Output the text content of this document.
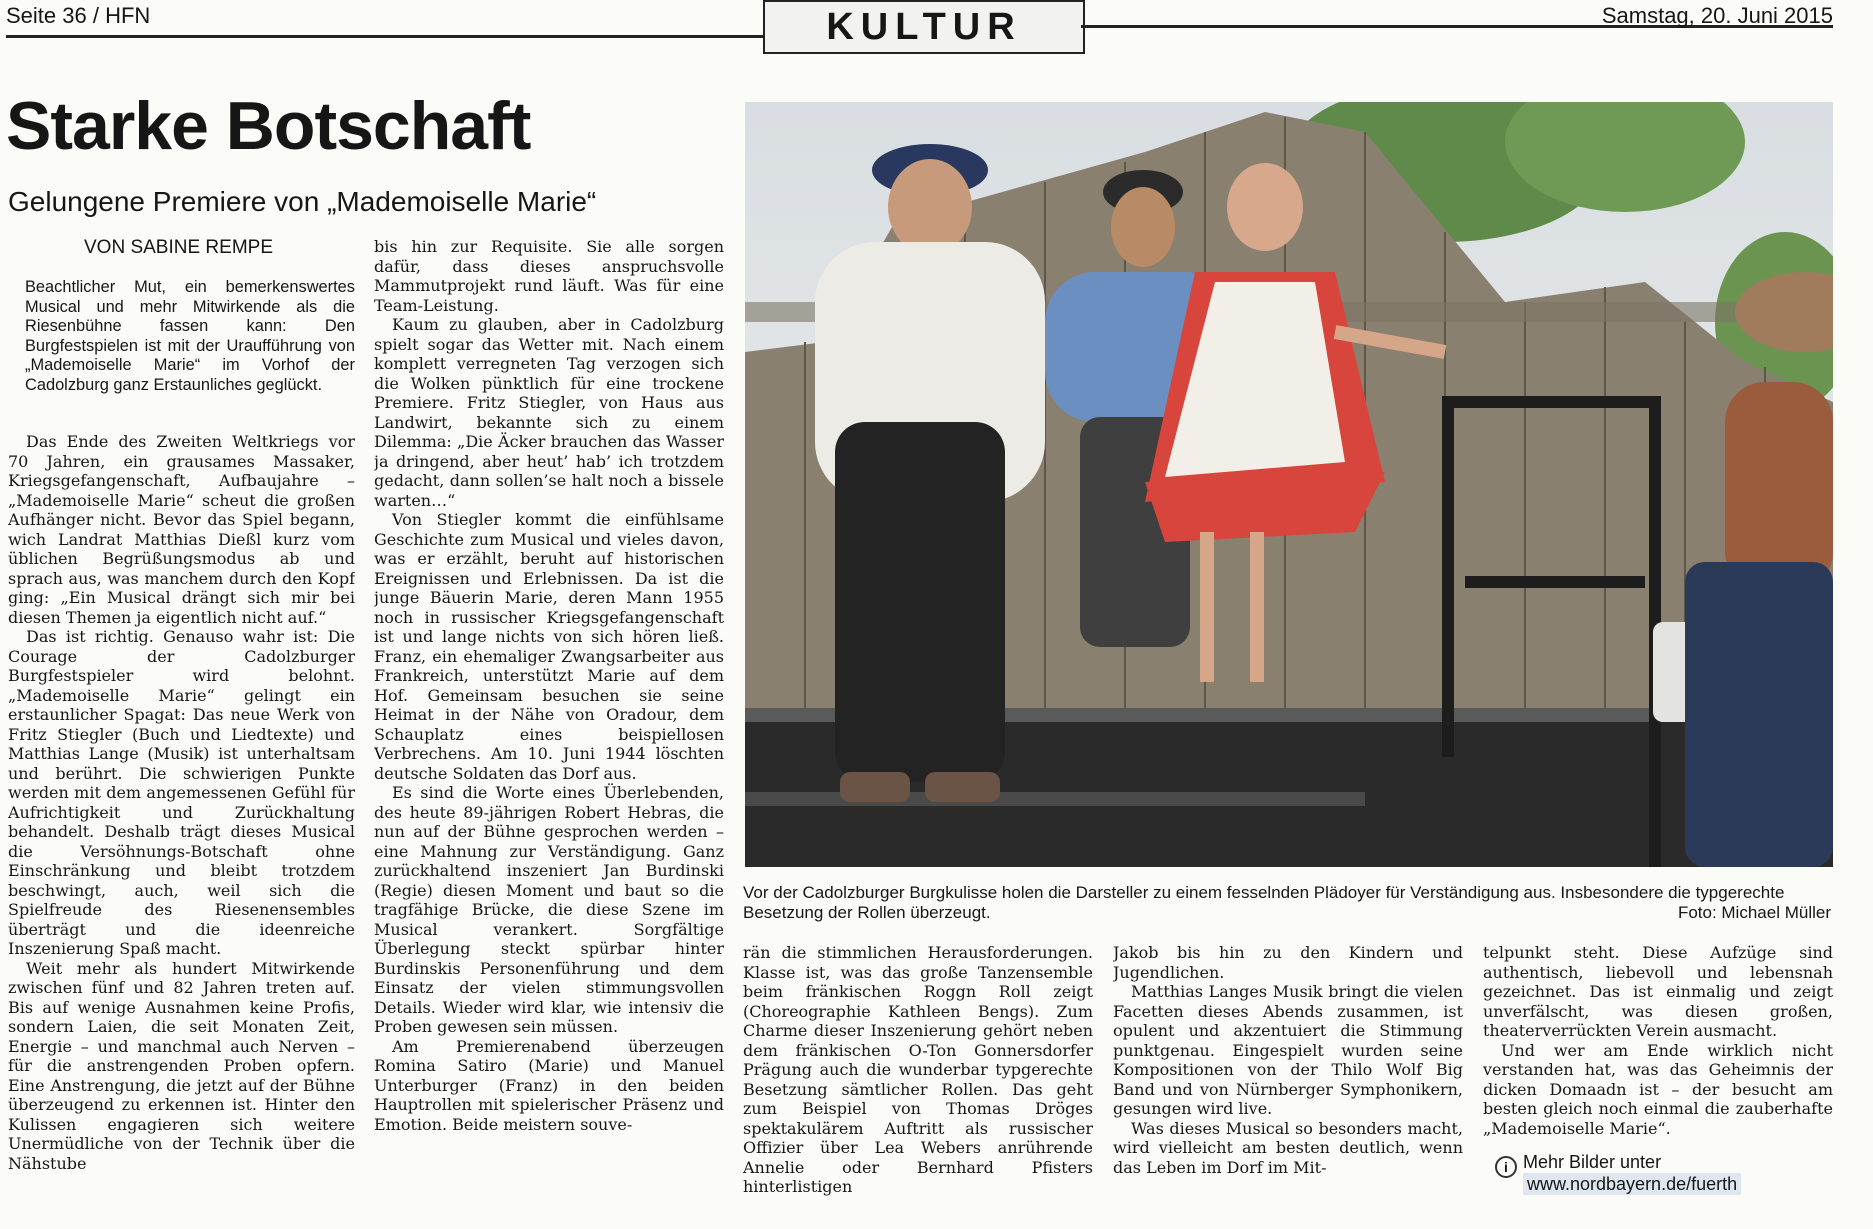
Seite 36 / HFN	KULTUR	Samstag, 20. Juni 2015
Starke Botschaft
Gelungene Premiere von „Mademoiselle Marie“
VON SABINE REMPE
Beachtlicher Mut, ein bemerkenswertes Musical und mehr Mitwirkende als die Riesenbühne fassen kann: Den Burgfestspielen ist mit der Uraufführung von „Mademoiselle Marie“ im Vorhof der Cadolzburg ganz Erstaunliches geglückt.

Das Ende des Zweiten Weltkriegs vor 70 Jahren, ein grausames Massaker, Kriegsgefangenschaft, Aufbaujahre – „Mademoiselle Marie“ scheut die großen Aufhänger nicht. Bevor das Spiel begann, wich Landrat Matthias Dießl kurz vom üblichen Begrüßungsmodus ab und sprach aus, was manchem durch den Kopf ging: „Ein Musical drängt sich mir bei diesen Themen ja eigentlich nicht auf.“

Das ist richtig. Genauso wahr ist: Die Courage der Cadolzburger Burgfestspieler wird belohnt. „Mademoiselle Marie“ gelingt ein erstaunlicher Spagat: Das neue Werk von Fritz Stiegler (Buch und Liedtexte) und Matthias Lange (Musik) ist unterhaltsam und berührt. Die schwierigen Punkte werden mit dem angemessenen Gefühl für Aufrichtigkeit und Zurückhaltung behandelt. Deshalb trägt dieses Musical die Versöhnungs-Botschaft ohne Einschränkung und bleibt trotzdem beschwingt, auch, weil sich die Spielfreude des Riesenensembles überträgt und die ideenreiche Inszenierung Spaß macht.

Weit mehr als hundert Mitwirkende zwischen fünf und 82 Jahren treten auf. Bis auf wenige Ausnahmen keine Profis, sondern Laien, die seit Monaten Zeit, Energie – und manchmal auch Nerven – für die anstrengenden Proben opfern. Eine Anstrengung, die jetzt auf der Bühne überzeugend zu erkennen ist. Hinter den Kulissen engagieren sich weitere Unermüdliche von der Technik über die Nähstube

bis hin zur Requisite. Sie alle sorgen dafür, dass dieses anspruchsvolle Mammutprojekt rund läuft. Was für eine Team-Leistung.

Kaum zu glauben, aber in Cadolzburg spielt sogar das Wetter mit. Nach einem komplett verregneten Tag verzogen sich die Wolken pünktlich für eine trockene Premiere. Fritz Stiegler, von Haus aus Landwirt, bekannte sich zu einem Dilemma: „Die Äcker brauchen das Wasser ja dringend, aber heut’ hab’ ich trotzdem gedacht, dann sollen’se halt noch a bissele warten…“

Von Stiegler kommt die einfühlsame Geschichte zum Musical und vieles davon, was er erzählt, beruht auf historischen Ereignissen und Erlebnissen. Da ist die junge Bäuerin Marie, deren Mann 1955 noch in russischer Kriegsgefangenschaft ist und lange nichts von sich hören ließ. Franz, ein ehemaliger Zwangsarbeiter aus Frankreich, unterstützt Marie auf dem Hof. Gemeinsam besuchen sie seine Heimat in der Nähe von Oradour, dem Schauplatz eines beispiellosen Verbrechens. Am 10. Juni 1944 löschten deutsche Soldaten das Dorf aus.

Es sind die Worte eines Überlebenden, des heute 89-jährigen Robert Hebras, die nun auf der Bühne gesprochen werden – eine Mahnung zur Verständigung. Ganz zurückhaltend inszeniert Jan Burdinski (Regie) diesen Moment und baut so die tragfähige Brücke, die diese Szene im Musical verankert. Sorgfältige Überlegung steckt spürbar hinter Burdinskis Personenführung und dem Einsatz der vielen stimmungsvollen Details. Wieder wird klar, wie intensiv die Proben gewesen sein müssen.

Am Premierenabend überzeugen Romina Satiro (Marie) und Manuel Unterburger (Franz) in den beiden Hauptrollen mit spielerischer Präsenz und Emotion. Beide meistern souve-

Vor der Cadolzburger Burgkulisse holen die Darsteller zu einem fesselnden Plädoyer für Verständigung aus. Insbesondere die typgerechte Besetzung der Rollen überzeugt.	Foto: Michael Müller

rän die stimmlichen Herausforderungen. Klasse ist, was das große Tanzensemble beim fränkischen Roggn Roll zeigt (Choreographie Kathleen Bengs). Zum Charme dieser Inszenierung gehört neben dem fränkischen O-Ton Gonnersdorfer Prägung auch die wunderbar typgerechte Besetzung sämtlicher Rollen. Das geht zum Beispiel von Thomas Dröges spektakulärem Auftritt als russischer Offizier über Lea Webers anrührende Annelie oder Bernhard Pfisters hinterlistigen

Jakob bis hin zu den Kindern und Jugendlichen.

Matthias Langes Musik bringt die vielen Facetten dieses Abends zusammen, ist opulent und akzentuiert die Stimmung punktgenau. Eingespielt wurden seine Kompositionen von der Thilo Wolf Big Band und von Nürnberger Symphonikern, gesungen wird live.

Was dieses Musical so besonders macht, wird vielleicht am besten deutlich, wenn das Leben im Dorf im Mit-

telpunkt steht. Diese Aufzüge sind authentisch, liebevoll und lebensnah gezeichnet. Das ist einmalig und zeigt unverfälscht, was diesen großen, theaterverrückten Verein ausmacht.

Und wer am Ende wirklich nicht verstanden hat, was das Geheimnis der dicken Domaadn ist – der besucht am besten gleich noch einmal die zauberhafte „Mademoiselle Marie“.

i Mehr Bilder unter
www.nordbayern.de/fuerth
